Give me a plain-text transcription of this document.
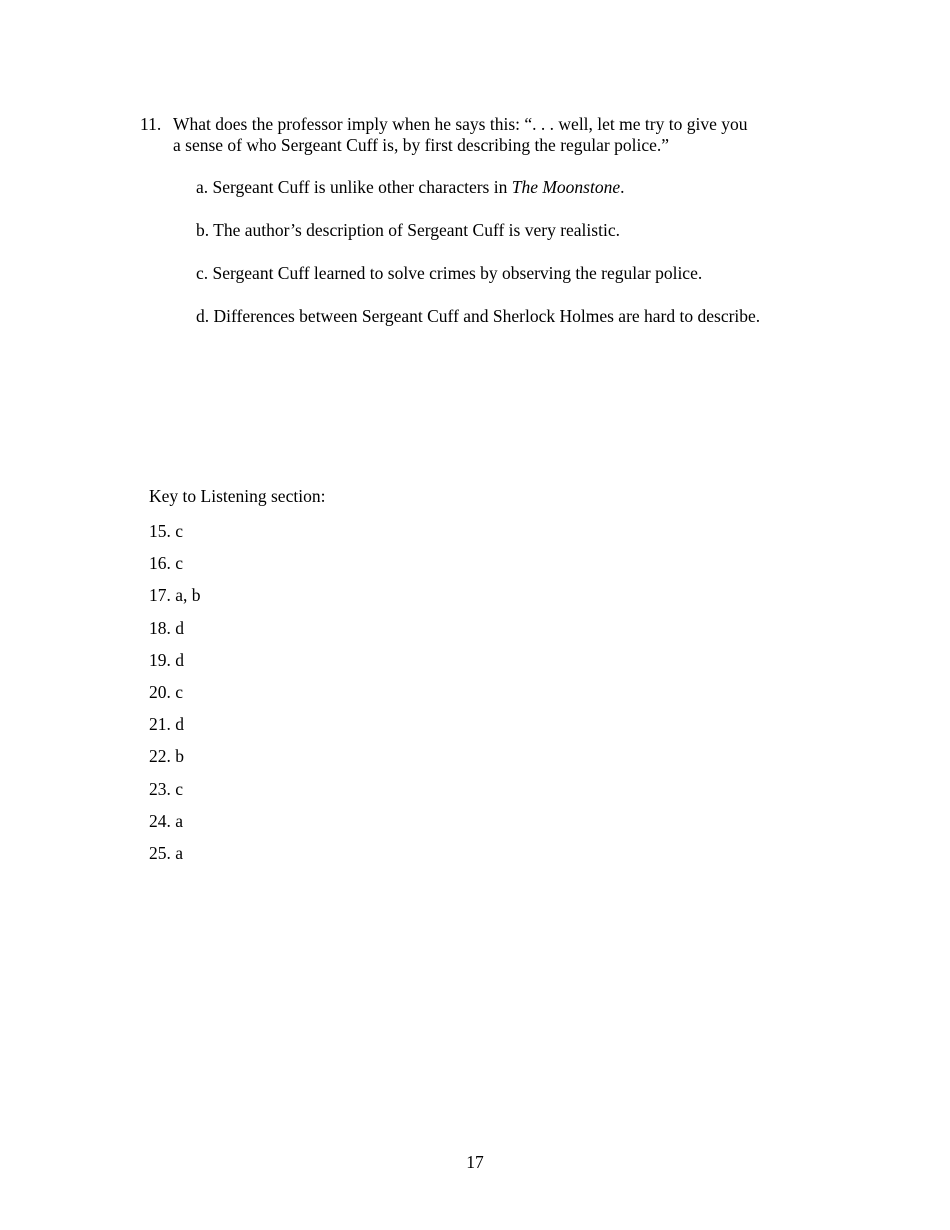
11. What does the professor imply when he says this: “. . . well, let me try to give you
a sense of who Sergeant Cuff is, by first describing the regular police.”
a. Sergeant Cuff is unlike other characters in The Moonstone.
b. The author’s description of Sergeant Cuff is very realistic.
c. Sergeant Cuff learned to solve crimes by observing the regular police.
d. Differences between Sergeant Cuff and Sherlock Holmes are hard to describe.
Key to Listening section:
15. c
16. c
17. a, b
18. d
19. d
20. c
21. d
22. b
23. c
24. a
25. a
17
